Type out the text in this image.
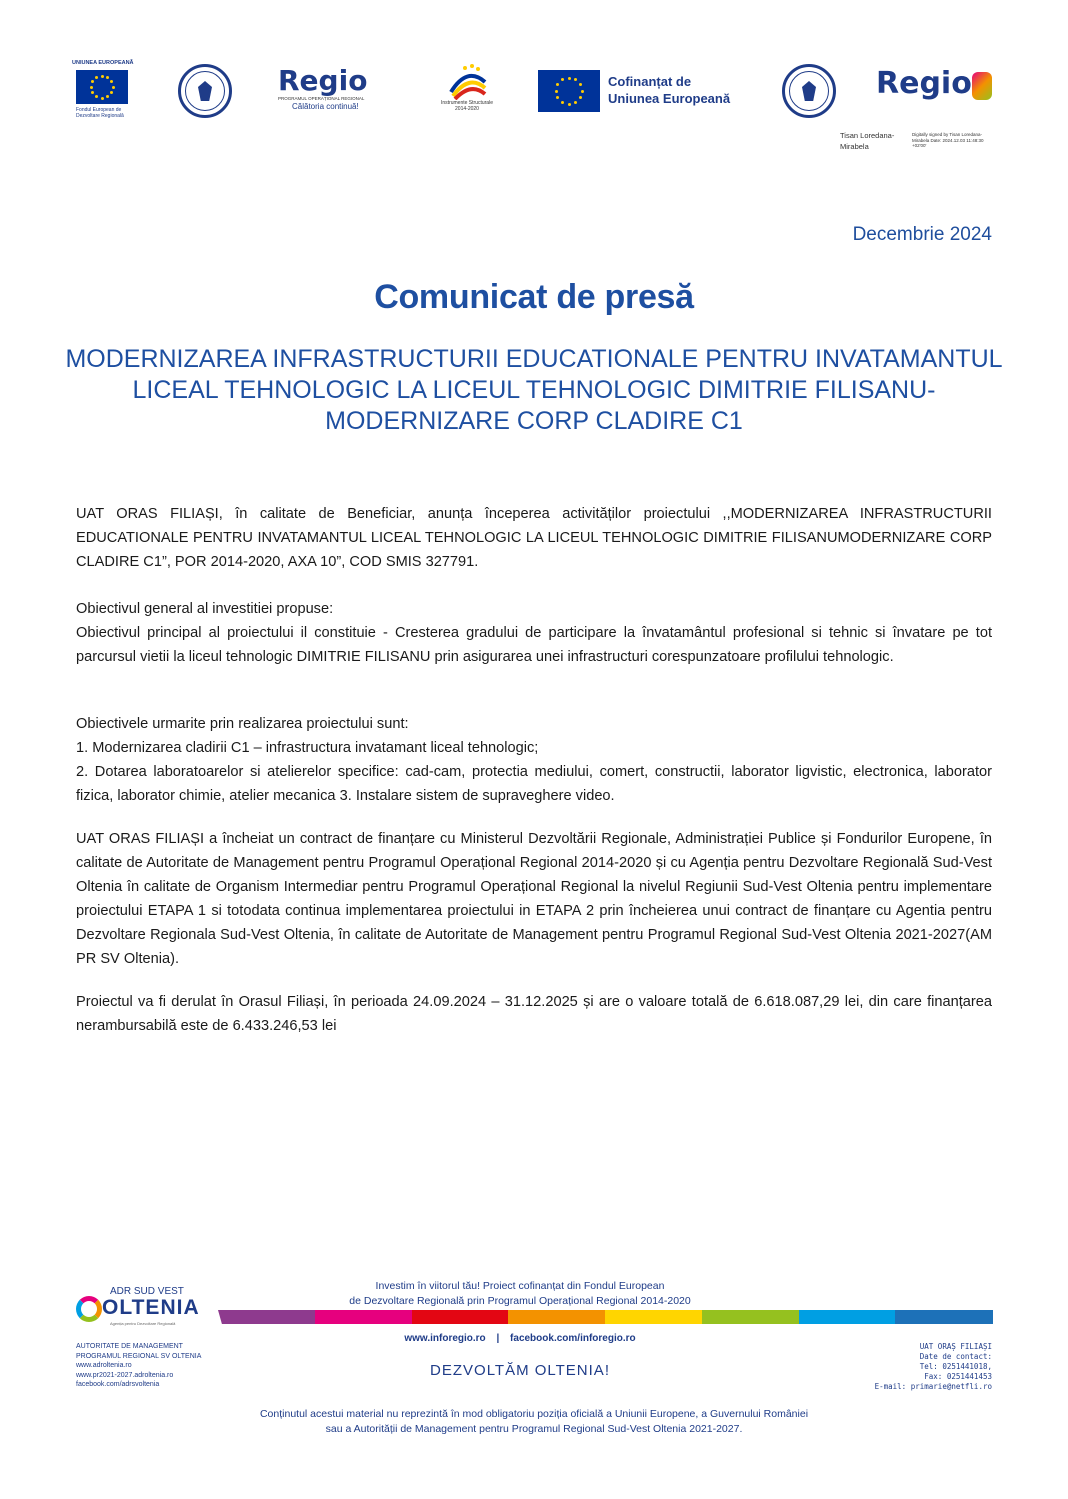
UNIUNEA EUROPEANĂ
Fondul European de Dezvoltare Regională
Regio
PROGRAMUL OPERAȚIONAL REGIONAL
Călătoria continuă!	Instrumente Structurale 2014-2020
Cofinanțat de
Uniunea Europeană	Regio
Tisan Loredana-Mirabela
Digitally signed by Tisan Loredana-Mirabela Date: 2024.12.03 11:48:30 +02'00'
Decembrie 2024
Comunicat de presă
MODERNIZAREA INFRASTRUCTURII EDUCATIONALE PENTRU INVATAMANTUL LICEAL TEHNOLOGIC LA LICEUL TEHNOLOGIC DIMITRIE FILISANU-MODERNIZARE CORP CLADIRE C1

UAT ORAS FILIAȘI, în calitate de Beneficiar, anunța începerea activităților proiectului ,,MODERNIZAREA INFRASTRUCTURII EDUCATIONALE PENTRU INVATAMANTUL LICEAL TEHNOLOGIC LA LICEUL TEHNOLOGIC DIMITRIE FILISANUMODERNIZARE CORP CLADIRE C1”, POR 2014-2020, AXA 10”, COD SMIS 327791.

Obiectivul general al investitiei propuse:

Obiectivul principal al proiectului il constituie - Cresterea gradului de participare la învatamântul profesional si tehnic si învatare pe tot parcursul vietii la liceul tehnologic DIMITRIE FILISANU prin asigurarea unei infrastructuri corespunzatoare profilului tehnologic.

Obiectivele urmarite prin realizarea proiectului sunt:

1. Modernizarea cladirii C1 – infrastructura invatamant liceal tehnologic;

2. Dotarea laboratoarelor si atelierelor specifice: cad-cam, protectia mediului, comert, constructii, laborator ligvistic, electronica, laborator fizica, laborator chimie, atelier mecanica 3. Instalare sistem de supraveghere video.

UAT ORAS FILIAȘI a încheiat un contract de finanțare cu Ministerul Dezvoltării Regionale, Administrației Publice și Fondurilor Europene, în calitate de Autoritate de Management pentru Programul Operațional Regional 2014-2020 și cu Agenția pentru Dezvoltare Regională Sud-Vest Oltenia în calitate de Organism Intermediar pentru Programul Operațional Regional la nivelul Regiunii Sud-Vest Oltenia pentru implementare proiectului ETAPA 1 si totodata continua implementarea proiectului in ETAPA 2 prin încheierea unui contract de finanțare cu Agentia pentru Dezvoltare Regionala Sud-Vest Oltenia, în calitate de Autoritate de Management pentru Programul Regional Sud-Vest Oltenia 2021-2027(AM PR SV Oltenia).

Proiectul va fi derulat în Orasul Filiași, în perioada 24.09.2024 – 31.12.2025 și are o valoare totală de 6.618.087,29 lei, din care finanțarea nerambursabilă este de 6.433.246,53 lei

ADR SUD VEST
OLTENIA
Agenția pentru Dezvoltare Regională
Investim în viitorul tău! Proiect cofinanțat din Fondul European
de Dezvoltare Regională prin Programul Operațional Regional 2014-2020
AUTORITATE DE MANAGEMENT
PROGRAMUL REGIONAL SV OLTENIA
www.adroltenia.ro
www.pr2021-2027.adroltenia.ro
facebook.com/adrsvoltenia
www.inforegio.ro | facebook.com/inforegio.ro
DEZVOLTĂM OLTENIA!
UAT ORAȘ FILIAȘI
Date de contact:
Tel: 0251441018,
Fax: 0251441453
E-mail: primarie@netfli.ro
Conținutul acestui material nu reprezintă în mod obligatoriu poziția oficială a Uniunii Europene, a Guvernului României
sau a Autorității de Management pentru Programul Regional Sud-Vest Oltenia 2021-2027.
